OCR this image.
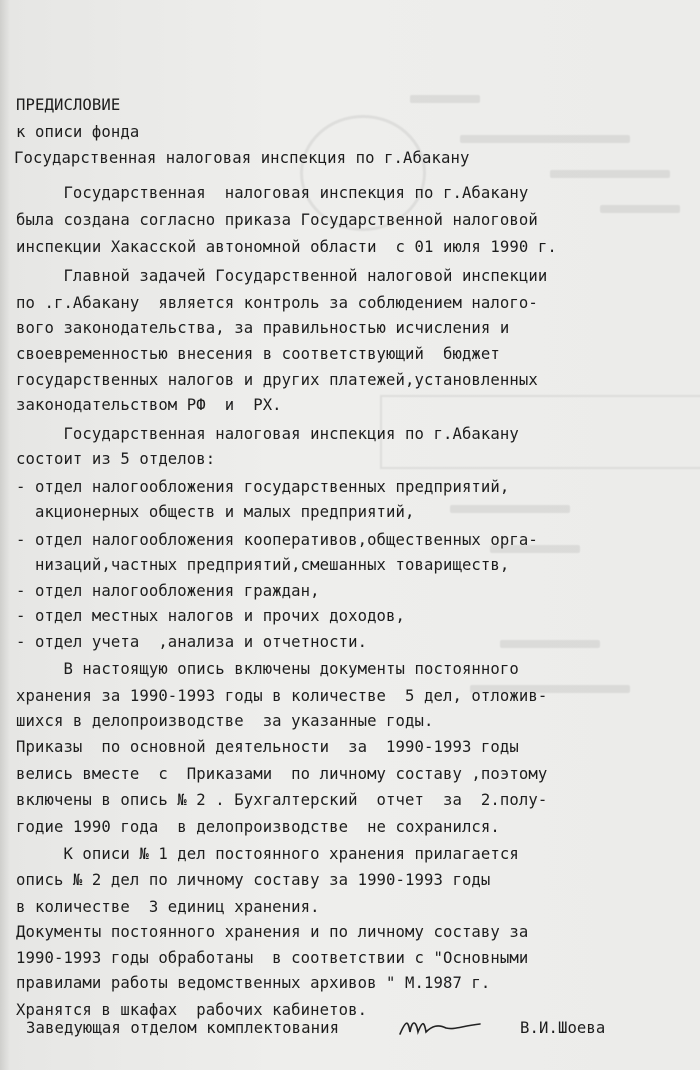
ПРЕДИСЛОВИЕ
к описи фонда
Государственная налоговая инспекция по г.Абакану
Государственная  налоговая инспекция по г.Абакану
была создана согласно приказа Государственной налоговой
инспекции Хакасской автономной области  с 01 июля 1990 г.
Главной задачей Государственной налоговой инспекции
по .г.Абакану  является контроль за соблюдением налого-
вого законодательства, за правильностью исчисления и
своевременностью внесения в соответствующий  бюджет
государственных налогов и других платежей,установленных
законодательством РФ  и  РХ.
Государственная налоговая инспекция по г.Абакану
состоит из 5 отделов:
- отдел налогообложения государственных предприятий,
акционерных обществ и малых предприятий,
- отдел налогообложения кооперативов,общественных орга-
низаций,частных предприятий,смешанных товариществ,
- отдел налогообложения граждан,
- отдел местных налогов и прочих доходов,
- отдел учета  ,анализа и отчетности.
В настоящую опись включены документы постоянного
хранения за 1990-1993 годы в количестве  5 дел, отложив-
шихся в делопроизводстве  за указанные годы.
Приказы  по основной деятельности  за  1990-1993 годы
велись вместе  с  Приказами  по личному составу ,поэтому
включены в опись № 2 . Бухгалтерский  отчет  за  2.полу-
годие 1990 года  в делопроизводстве  не сохранился.
К описи № 1 дел постоянного хранения прилагается
опись № 2 дел по личному составу за 1990-1993 годы
в количестве  3 единиц хранения.
Документы постоянного хранения и по личному составу за
1990-1993 годы обработаны  в соответствии с "Основными
правилами работы ведомственных архивов " М.1987 г.
Хранятся в шкафах  рабочих кабинетов.
Заведующая отделом комплектования	В.И.Шоева
